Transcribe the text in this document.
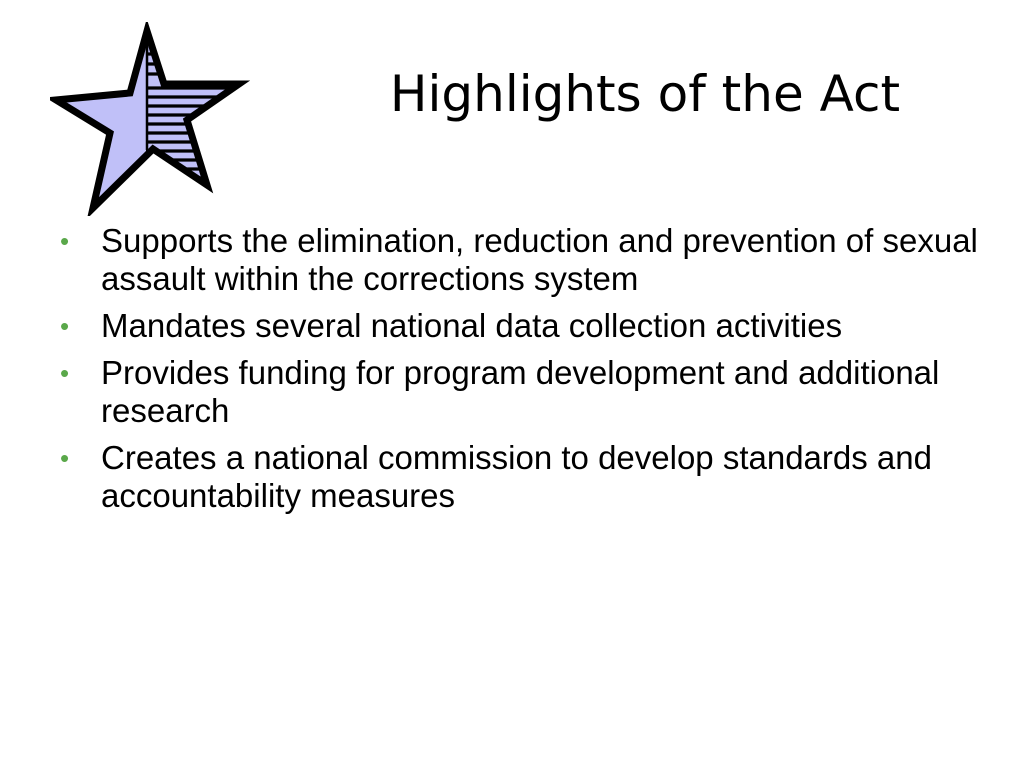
Highlights of the Act
• Supports the elimination, reduction and prevention of sexual assault within the corrections system
• Mandates several national data collection activities
• Provides funding for program development and additional research
• Creates a national commission to develop standards and accountability measures
